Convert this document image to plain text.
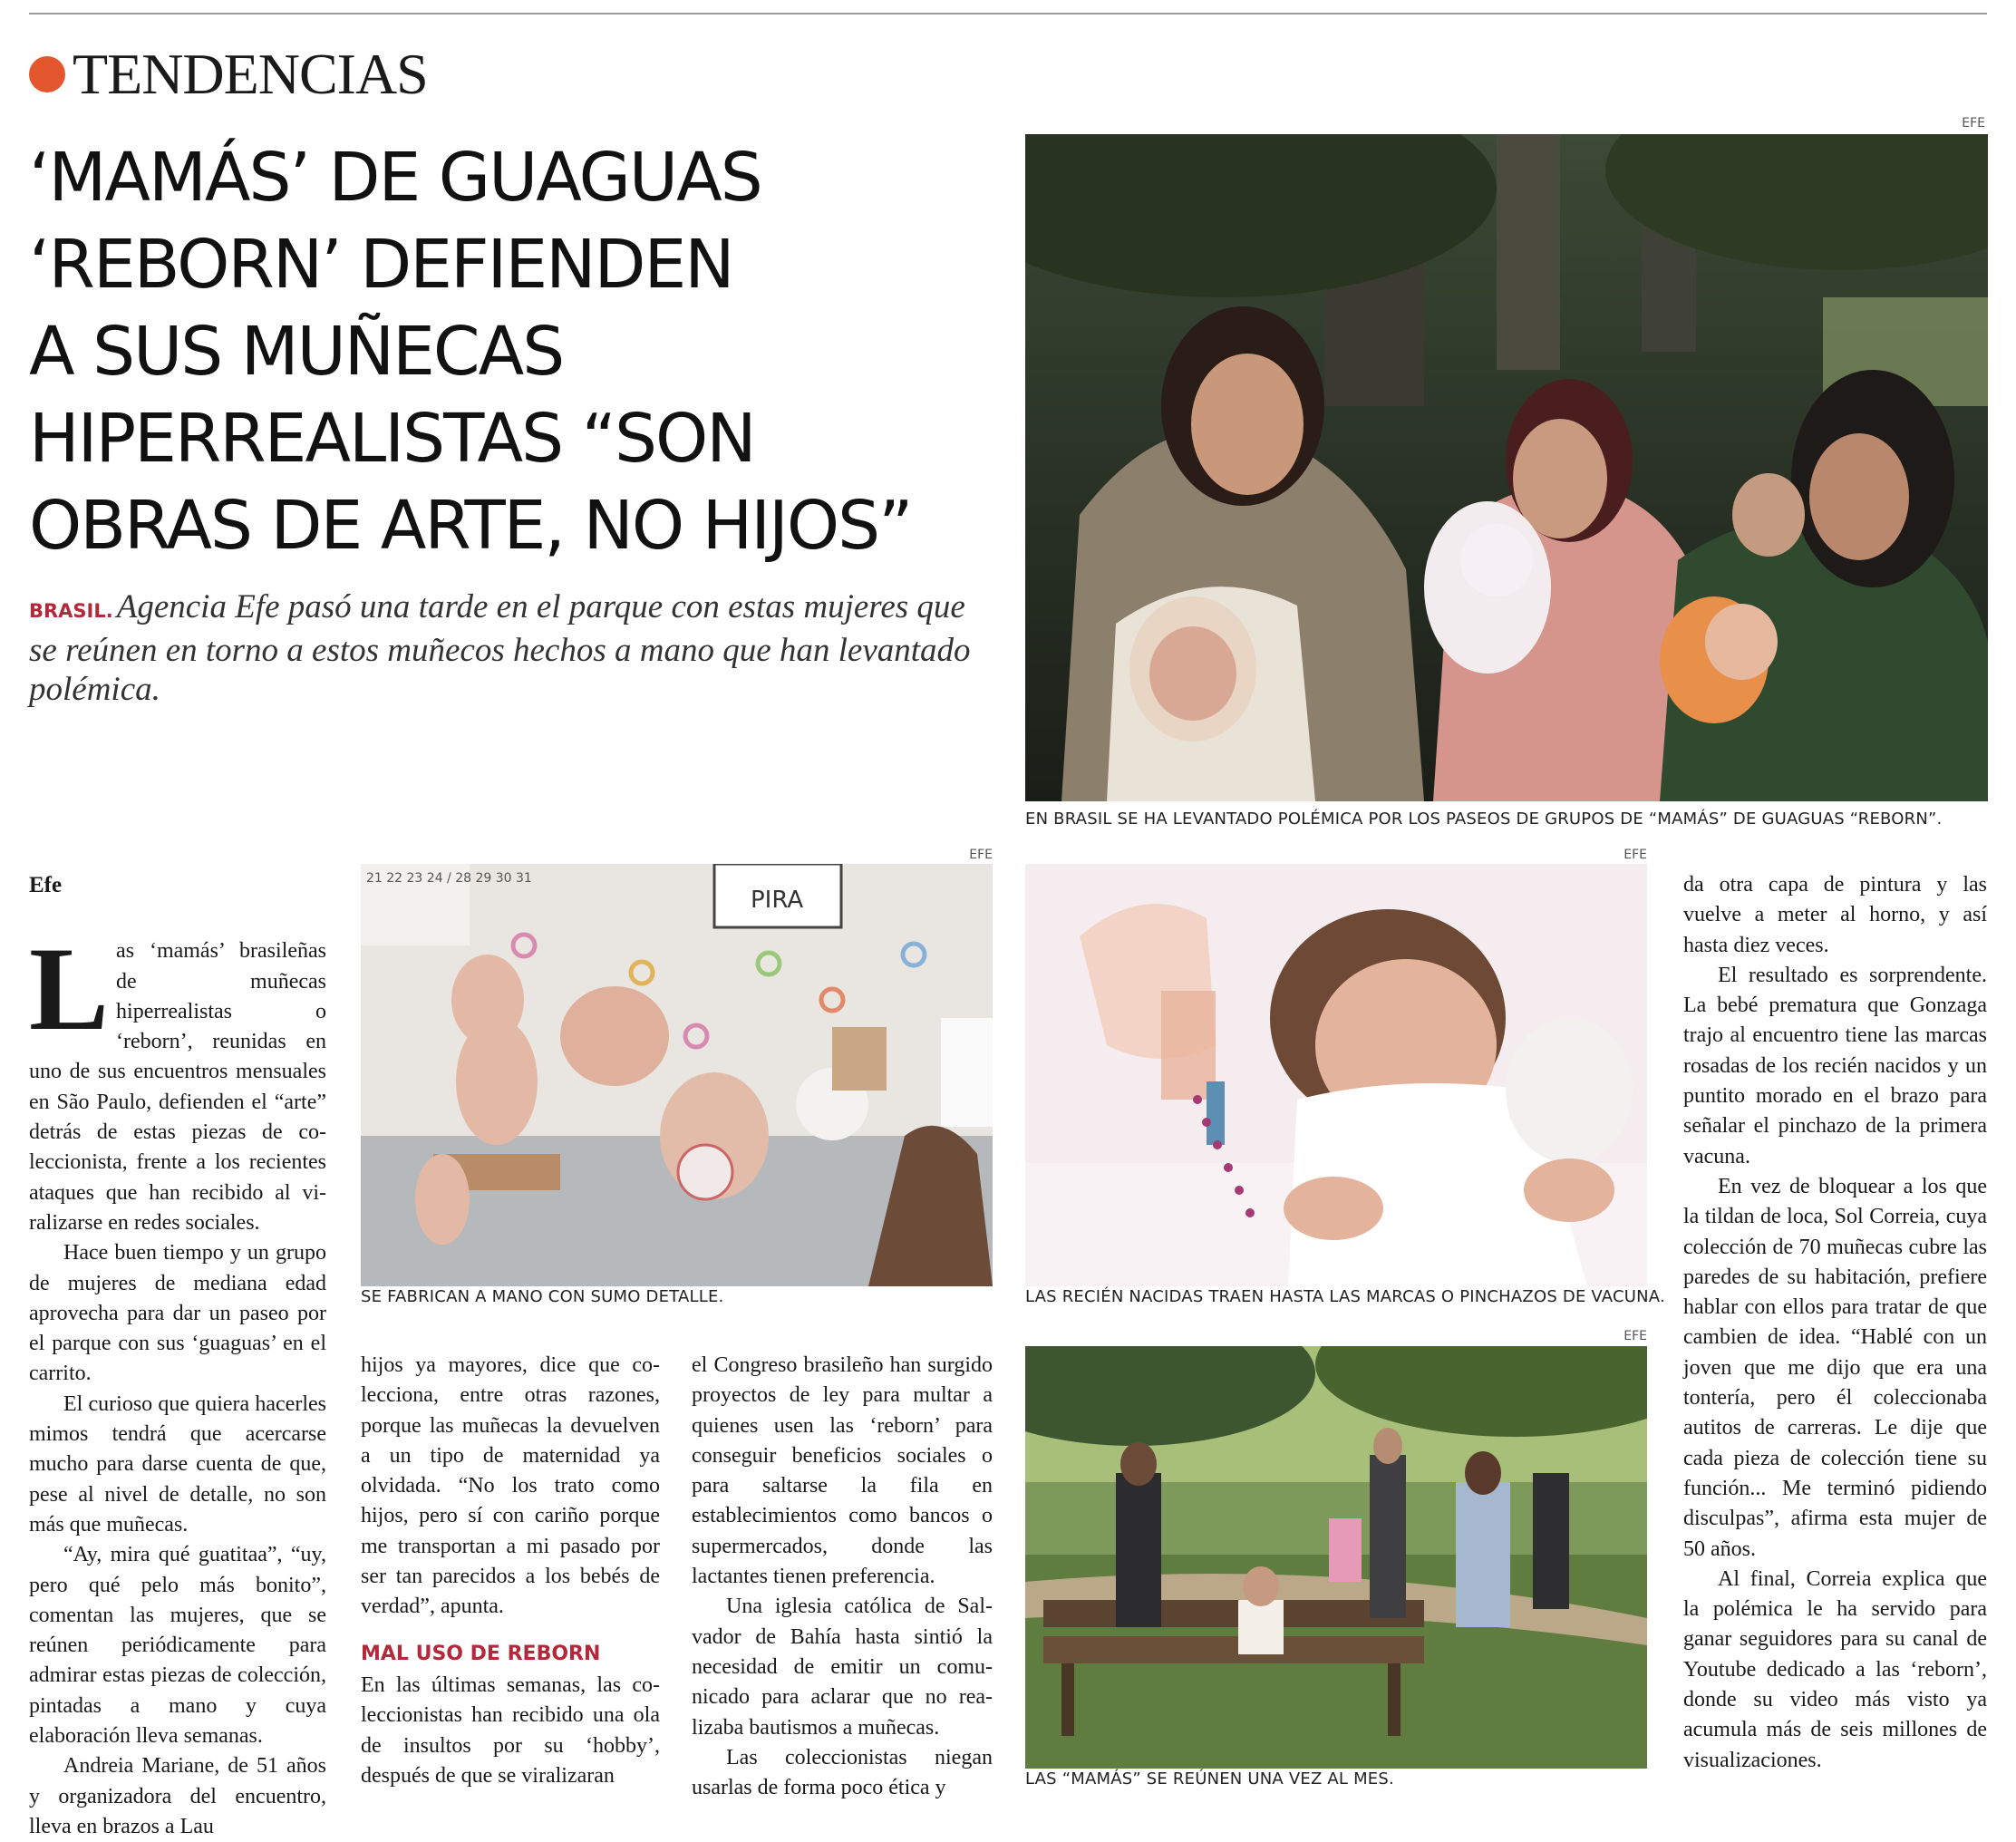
TENDENCIAS
‘MAMÁS’ DE GUAGUAS
‘REBORN’ DEFIENDEN
A SUS MUÑECAS
HIPERREALISTAS “SON
OBRAS DE ARTE, NO HIJOS”
BRASIL. Agencia Efe pasó una tarde en el parque con estas mujeres que se reúnen en torno a estos muñecos hechos a mano que han levantado polémica.
EFE
EN BRASIL SE HA LEVANTADO POLÉMICA POR LOS PASEOS DE GRUPOS DE “MAMÁS” DE GUAGUAS “REBORN”.
EFE
21 22 23 24 / 28 29 30 31
PIRA
SE FABRICAN A MANO CON SUMO DETALLE.
EFE
LAS RECIÉN NACIDAS TRAEN HASTA LAS MARCAS O PINCHAZOS DE VACUNA.
EFE
LAS “MAMÁS” SE REÚNEN UNA VEZ AL MES.
Efe

Las ‘mamás’ brasileñas de muñecas hiperrealistas o ‘reborn’, reunidas en uno de sus encuentros mensuales en São Paulo, defienden el “arte” detrás de estas piezas de coleccionista, frente a los recientes ataques que han recibido al viralizarse en redes sociales.

Hace buen tiempo y un grupo de mujeres de mediana edad aprovecha para dar un paseo por el parque con sus ‘guaguas’ en el carrito.

El curioso que quiera hacerles mimos tendrá que acercarse mucho para darse cuenta de que, pese al nivel de detalle, no son más que muñecas.

“Ay, mira qué guatitaa”, “uy, pero qué pelo más bonito”, comentan las mujeres, que se reúnen periódicamente para admirar estas piezas de colección, pintadas a mano y cuya elaboración lleva semanas.

Andreia Mariane, de 51 años y organizadora del encuentro, lleva en brazos a Lau

hijos ya mayores, dice que colecciona, entre otras razones, porque las muñecas la devuelven a un tipo de maternidad ya olvidada. “No los trato como hijos, pero sí con cariño porque me transportan a mi pasado por ser tan parecidos a los bebés de verdad”, apunta.

MAL USO DE REBORN

En las últimas semanas, las coleccionistas han recibido una ola de insultos por su ‘hobby’, después de que se viralizaran

el Congreso brasileño han surgido proyectos de ley para multar a quienes usen las ‘reborn’ para conseguir beneficios sociales o para saltarse la fila en establecimientos como bancos o supermercados, donde las lactantes tienen preferencia.

Una iglesia católica de Salvador de Bahía hasta sintió la necesidad de emitir un comunicado para aclarar que no realizaba bautismos a muñecas.

Las coleccionistas niegan usarlas de forma poco ética y

da otra capa de pintura y las vuelve a meter al horno, y así hasta diez veces.

El resultado es sorprendente. La bebé prematura que Gonzaga trajo al encuentro tiene las marcas rosadas de los recién nacidos y un puntito morado en el brazo para señalar el pinchazo de la primera vacuna.

En vez de bloquear a los que la tildan de loca, Sol Correia, cuya colección de 70 muñecas cubre las paredes de su habitación, prefiere hablar con ellos para tratar de que cambien de idea. “Hablé con un joven que me dijo que era una tontería, pero él coleccionaba autitos de carreras. Le dije que cada pieza de colección tiene su función... Me terminó pidiendo disculpas”, afirma esta mujer de 50 años.

Al final, Correia explica que la polémica le ha servido para ganar seguidores para su canal de Youtube dedicado a las ‘reborn’, donde su video más visto ya acumula más de seis millones de visualizaciones.
